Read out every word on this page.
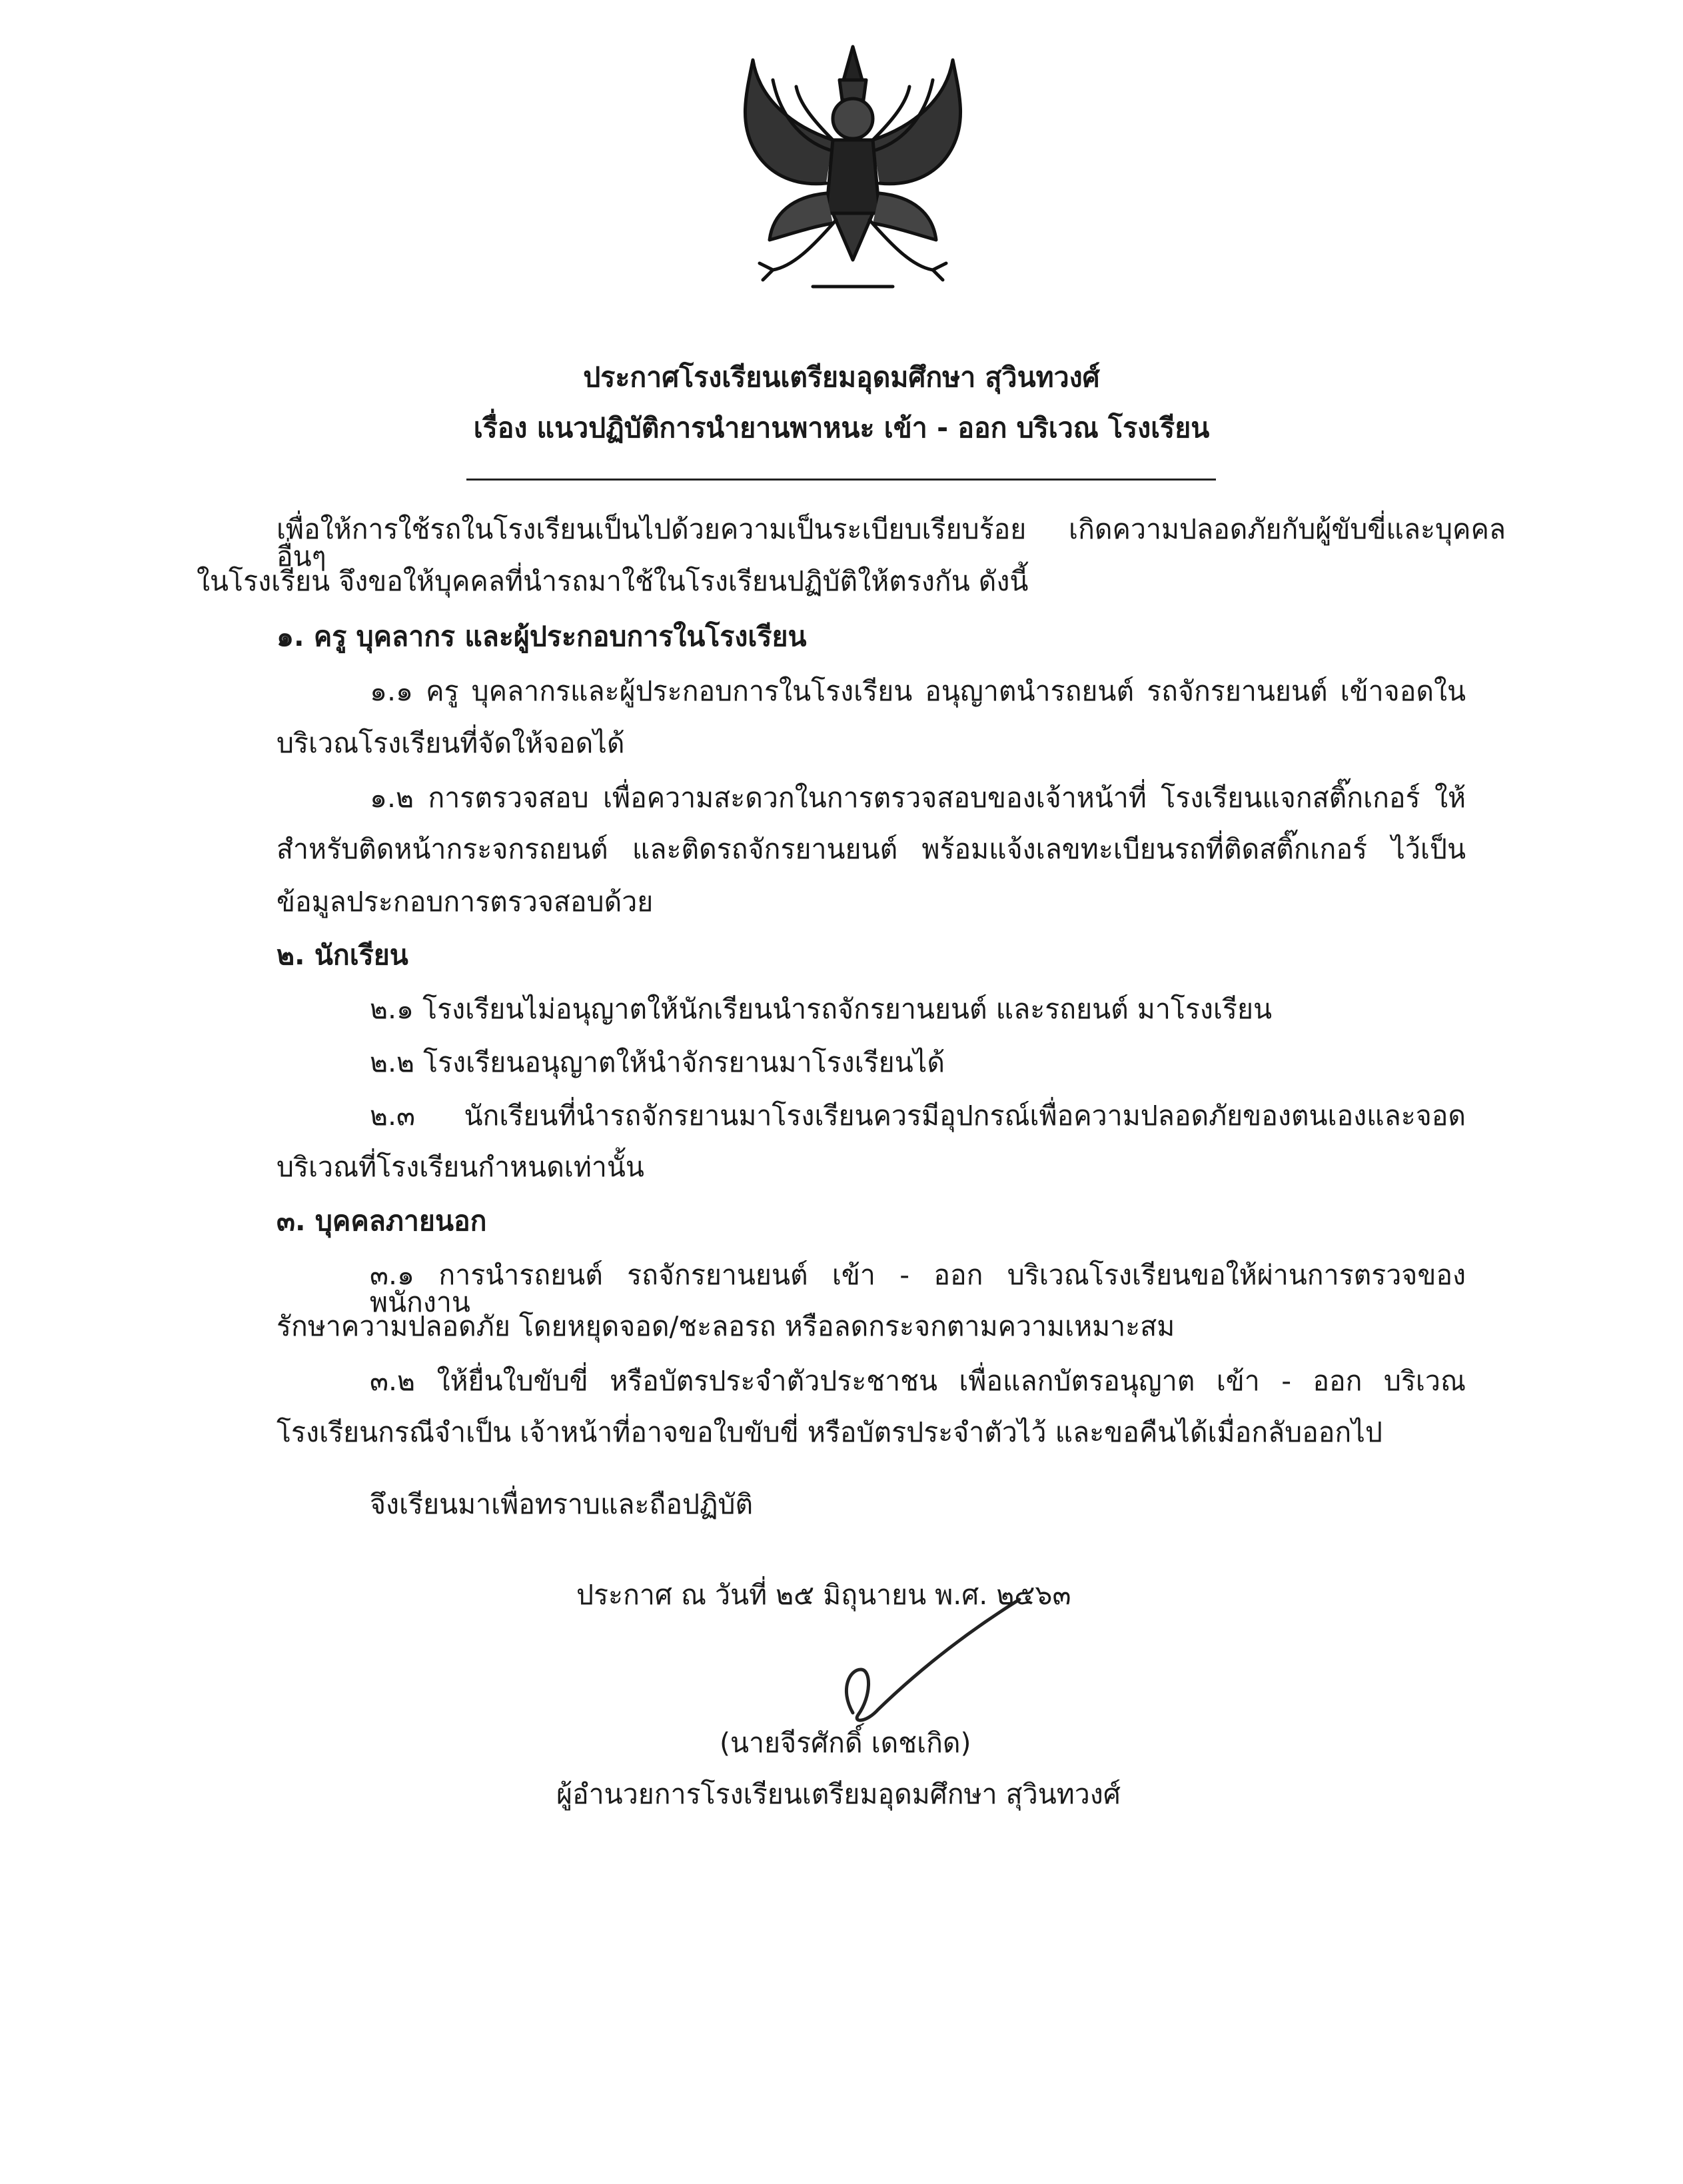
ประกาศโรงเรียนเตรียมอุดมศึกษา สุวินทวงศ์
เรื่อง แนวปฏิบัติการนำยานพาหนะ เข้า - ออก บริเวณ โรงเรียน
เพื่อให้การใช้รถในโรงเรียนเป็นไปด้วยความเป็นระเบียบเรียบร้อย เกิดความปลอดภัยกับผู้ขับขี่และบุคคลอื่นๆ
ในโรงเรียน จึงขอให้บุคคลที่นำรถมาใช้ในโรงเรียนปฏิบัติให้ตรงกัน ดังนี้
๑. ครู บุคลากร และผู้ประกอบการในโรงเรียน
๑.๑ ครู บุคลากรและผู้ประกอบการในโรงเรียน อนุญาตนำรถยนต์ รถจักรยานยนต์ เข้าจอดใน
บริเวณโรงเรียนที่จัดให้จอดได้
๑.๒ การตรวจสอบ เพื่อความสะดวกในการตรวจสอบของเจ้าหน้าที่ โรงเรียนแจกสติ๊กเกอร์ ให้
สำหรับติดหน้ากระจกรถยนต์ และติดรถจักรยานยนต์ พร้อมแจ้งเลขทะเบียนรถที่ติดสติ๊กเกอร์ ไว้เป็น
ข้อมูลประกอบการตรวจสอบด้วย
๒. นักเรียน
๒.๑ โรงเรียนไม่อนุญาตให้นักเรียนนำรถจักรยานยนต์ และรถยนต์ มาโรงเรียน
๒.๒ โรงเรียนอนุญาตให้นำจักรยานมาโรงเรียนได้
๒.๓ นักเรียนที่นำรถจักรยานมาโรงเรียนควรมีอุปกรณ์เพื่อความปลอดภัยของตนเองและจอด
บริเวณที่โรงเรียนกำหนดเท่านั้น
๓. บุคคลภายนอก
๓.๑ การนำรถยนต์ รถจักรยานยนต์ เข้า - ออก บริเวณโรงเรียนขอให้ผ่านการตรวจของพนักงาน
รักษาความปลอดภัย โดยหยุดจอด/ชะลอรถ หรือลดกระจกตามความเหมาะสม
๓.๒ ให้ยื่นใบขับขี่ หรือบัตรประจำตัวประชาชน เพื่อแลกบัตรอนุญาต เข้า - ออก บริเวณ
โรงเรียนกรณีจำเป็น เจ้าหน้าที่อาจขอใบขับขี่ หรือบัตรประจำตัวไว้ และขอคืนได้เมื่อกลับออกไป
จึงเรียนมาเพื่อทราบและถือปฏิบัติ
ประกาศ ณ วันที่ ๒๕ มิถุนายน พ.ศ. ๒๕๖๓
(นายจีรศักดิ์ เดชเกิด)
ผู้อำนวยการโรงเรียนเตรียมอุดมศึกษา สุวินทวงศ์
